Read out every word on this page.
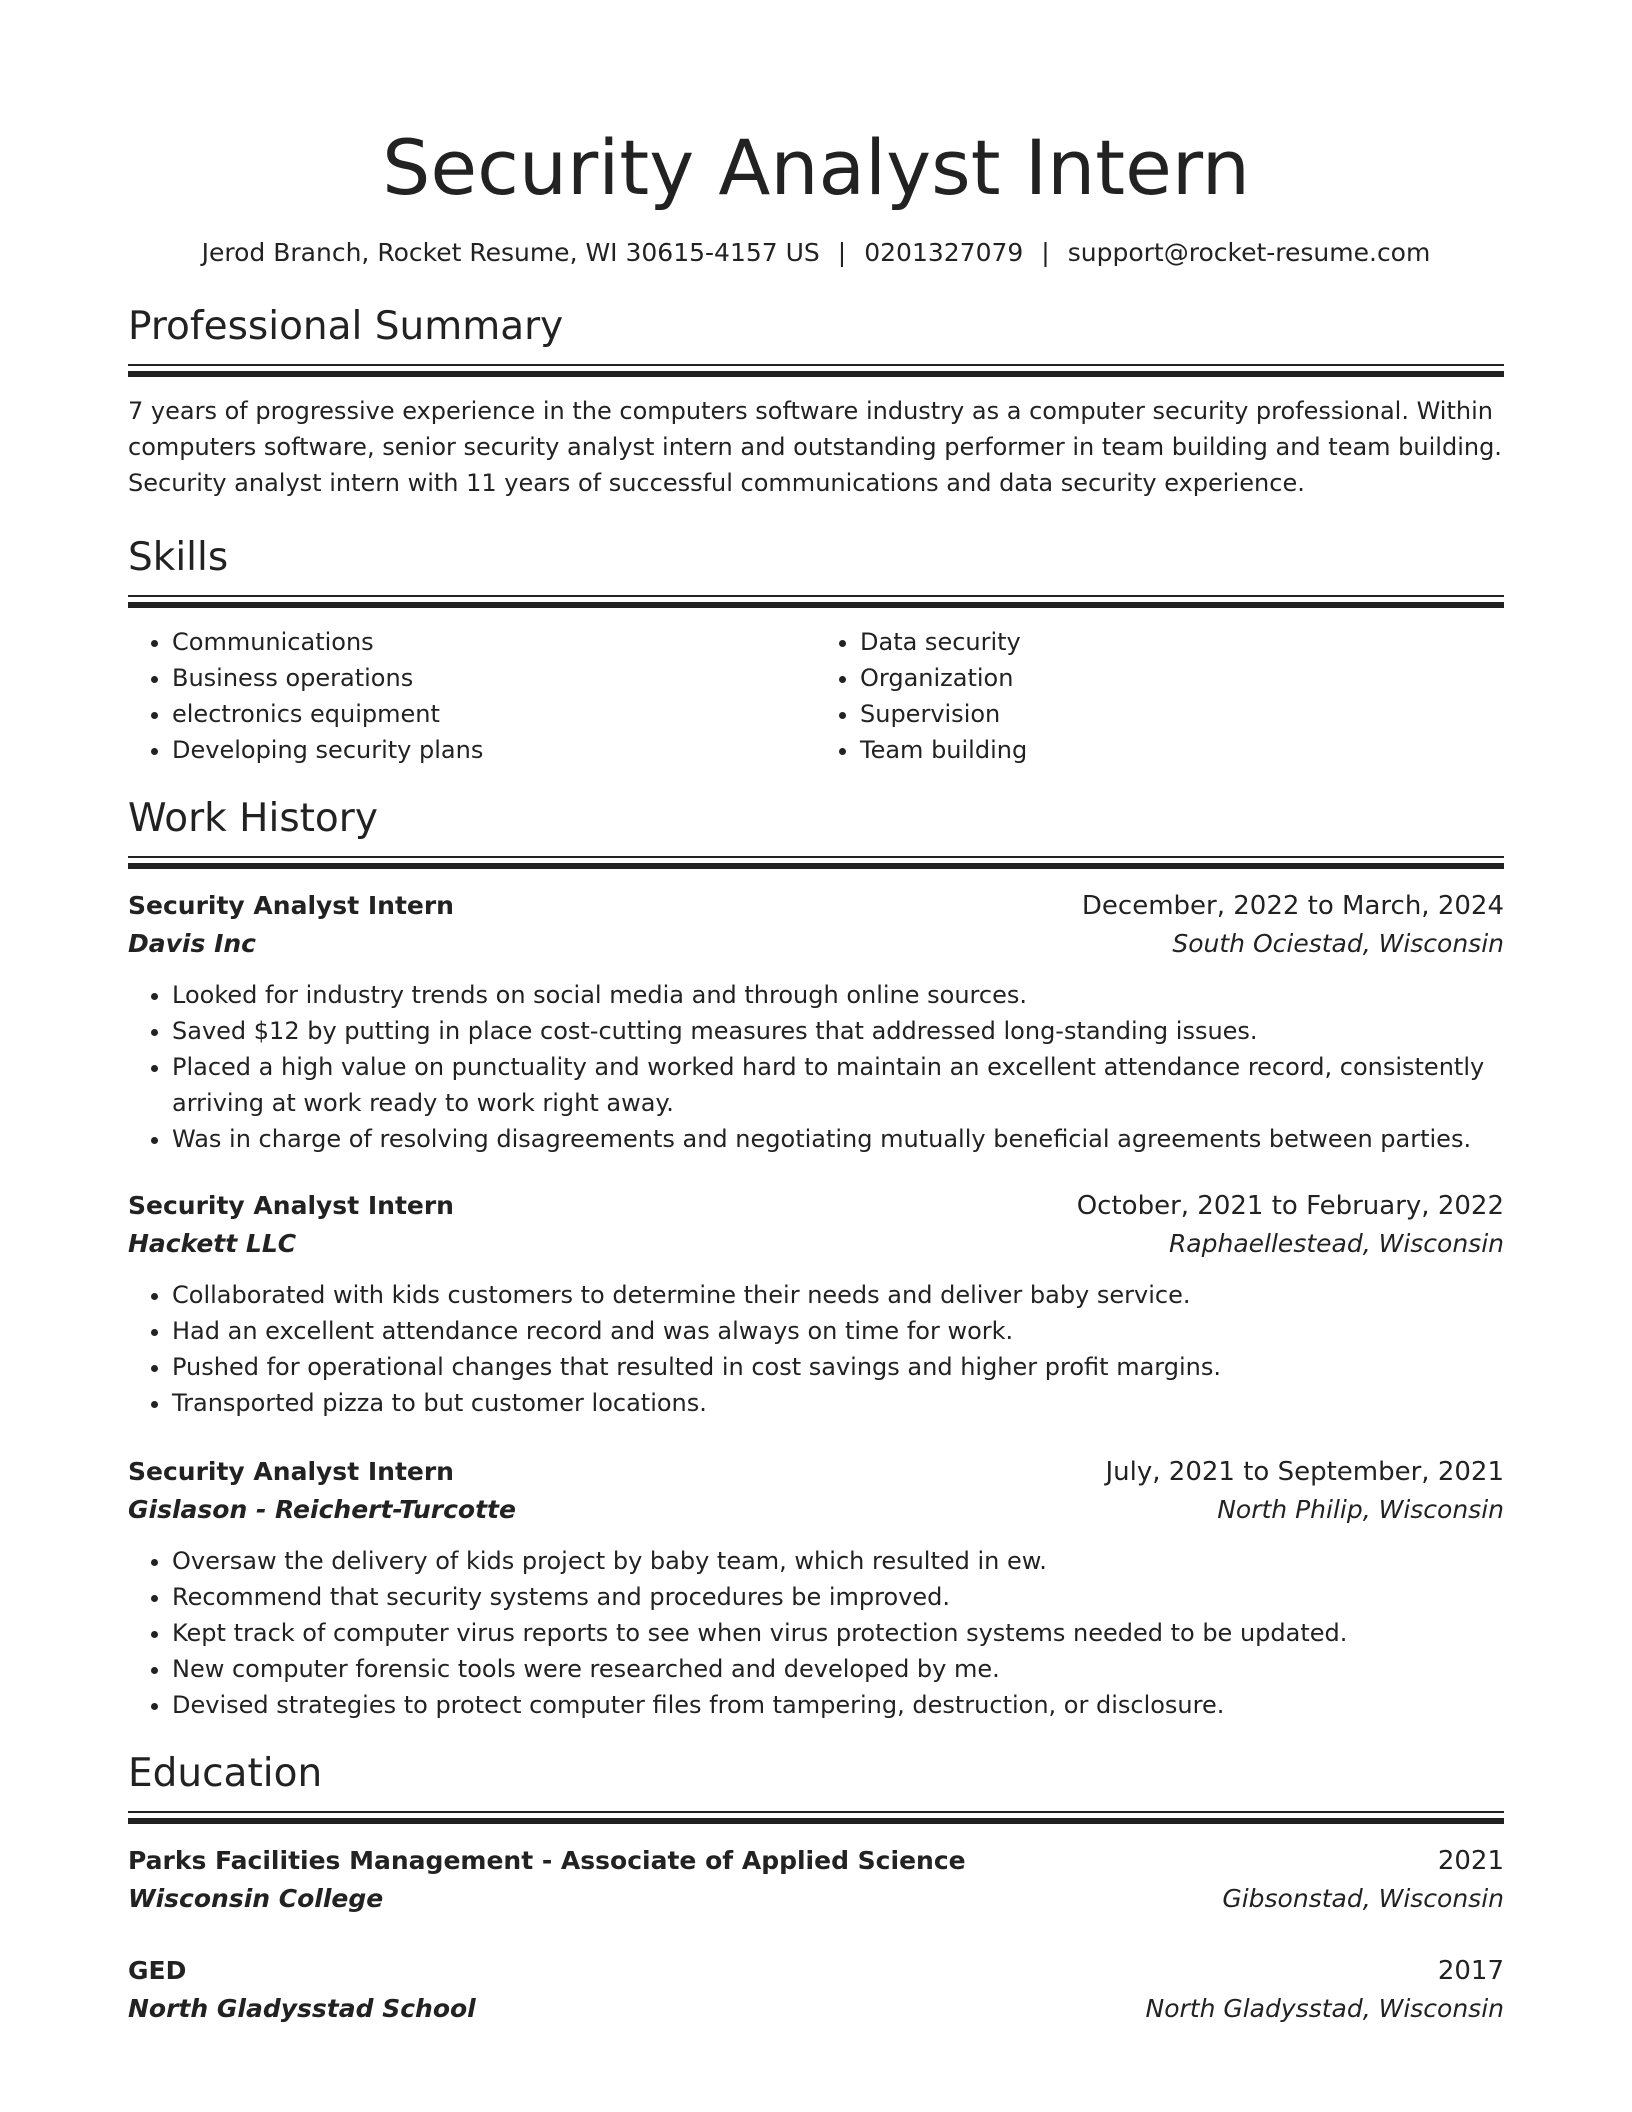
Security Analyst Intern
Jerod Branch, Rocket Resume, WI 30615-4157 US | 0201327079 | support@rocket-resume.com
Professional Summary

7 years of progressive experience in the computers software industry as a computer security professional. Within computers software, senior security analyst intern and outstanding performer in team building and team building. Security analyst intern with 11 years of successful communications and data security experience.

Skills
• Communications
• Business operations
• electronics equipment
• Developing security plans
• Data security
• Organization
• Supervision
• Team building
Work History
Security Analyst Intern	December, 2022 to March, 2024
Davis Inc	South Ociestad, Wisconsin
• Looked for industry trends on social media and through online sources.
• Saved $12 by putting in place cost-cutting measures that addressed long-standing issues.
• Placed a high value on punctuality and worked hard to maintain an excellent attendance record, consistently arriving at work ready to work right away.
• Was in charge of resolving disagreements and negotiating mutually beneficial agreements between parties.
Security Analyst Intern	October, 2021 to February, 2022
Hackett LLC	Raphaellestead, Wisconsin
• Collaborated with kids customers to determine their needs and deliver baby service.
• Had an excellent attendance record and was always on time for work.
• Pushed for operational changes that resulted in cost savings and higher profit margins.
• Transported pizza to but customer locations.
Security Analyst Intern	July, 2021 to September, 2021
Gislason - Reichert-Turcotte	North Philip, Wisconsin
• Oversaw the delivery of kids project by baby team, which resulted in ew.
• Recommend that security systems and procedures be improved.
• Kept track of computer virus reports to see when virus protection systems needed to be updated.
• New computer forensic tools were researched and developed by me.
• Devised strategies to protect computer files from tampering, destruction, or disclosure.
Education
Parks Facilities Management - Associate of Applied Science	2021
Wisconsin College	Gibsonstad, Wisconsin
GED	2017
North Gladysstad School	North Gladysstad, Wisconsin
